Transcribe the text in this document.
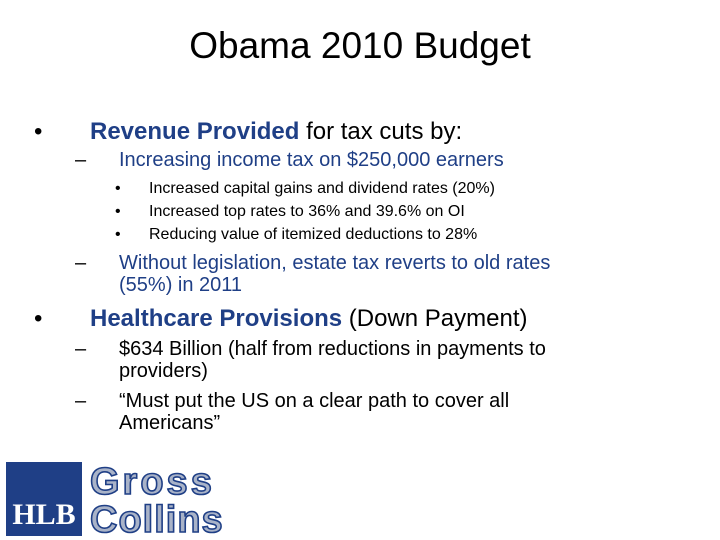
Obama 2010 Budget
• Revenue Provided for tax cuts by:
– Increasing income tax on $250,000 earners
• Increased capital gains and dividend rates (20%)
• Increased top rates to 36% and 39.6% on OI
• Reducing value of itemized deductions to 28%
– Without legislation, estate tax reverts to old rates
(55%) in 2011
• Healthcare Provisions (Down Payment)
– $634 Billion (half from reductions in payments to
providers)
– “Must put the US on a clear path to cover all
Americans”
HLB
Gross
Collins
